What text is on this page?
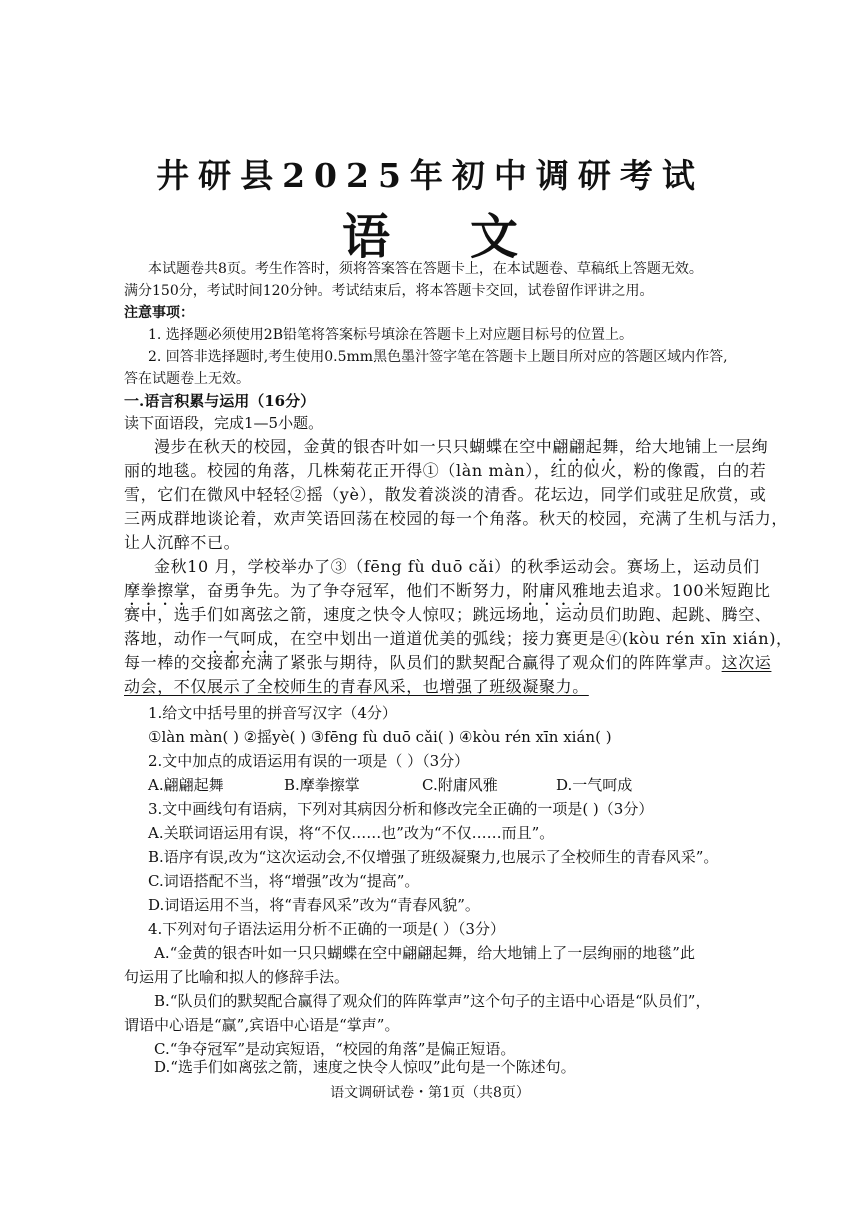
井研县2025年初中调研考试
语 文
本试题卷共8页。考生作答时，须将答案答在答题卡上，在本试题卷、草稿纸上答题无效。
满分150分，考试时间120分钟。考试结束后，将本答题卡交回，试卷留作评讲之用。
注意事项：
1. 选择题必须使用2B铅笔将答案标号填涂在答题卡上对应题目标号的位置上。
2. 回答非选择题时,考生使用0.5mm黑色墨汁签字笔在答题卡上题目所对应的答题区域内作答,
答在试题卷上无效。
一.语言积累与运用（16分）
读下面语段，完成1—5小题。
漫步在秋天的校园，金黄的银杏叶如一只只蝴蝶在空中翩翩起舞，给大地铺上一层绚
丽的地毯。校园的角落，几株菊花正开得①（làn màn），红的似火，粉的像霞，白的若
雪，它们在微风中轻轻②摇（yè），散发着淡淡的清香。花坛边，同学们或驻足欣赏，或
三两成群地谈论着，欢声笑语回荡在校园的每一个角落。秋天的校园，充满了生机与活力，
让人沉醉不已。
金秋10 月，学校举办了③（fēng fù duō cǎi）的秋季运动会。赛场上，运动员们
摩拳擦掌，奋勇争先。为了争夺冠军，他们不断努力，附庸风雅地去追求。100米短跑比
赛中，选手们如离弦之箭，速度之快令人惊叹；跳远场地，运动员们助跑、起跳、腾空、
落地，动作一气呵成，在空中划出一道道优美的弧线；接力赛更是④(kòu rén xīn xián)，
每一棒的交接都充满了紧张与期待，队员们的默契配合赢得了观众们的阵阵掌声。这次运
动会，不仅展示了全校师生的青春风采，也增强了班级凝聚力。
1.给文中括号里的拼音写汉字（4分）
①làn màn( ) ②摇yè( ) ③fēng fù duō cǎi( ) ④kòu rén xīn xián( )
2.文中加点的成语运用有误的一项是（ ）（3分）
A.翩翩起舞	B.摩拳擦掌	C.附庸风雅	D.一气呵成
3.文中画线句有语病，下列对其病因分析和修改完全正确的一项是( )（3分）
A.关联词语运用有误，将“不仅……也”改为“不仅……而且”。
B.语序有误,改为“这次运动会,不仅增强了班级凝聚力,也展示了全校师生的青春风采”。
C.词语搭配不当，将“增强”改为“提高”。
D.词语运用不当，将“青春风采”改为“青春风貌”。
4.下列对句子语法运用分析不正确的一项是( ）（3分）
A.“金黄的银杏叶如一只只蝴蝶在空中翩翩起舞，给大地铺上了一层绚丽的地毯”此
句运用了比喻和拟人的修辞手法。
B.“队员们的默契配合赢得了观众们的阵阵掌声”这个句子的主语中心语是“队员们”，
谓语中心语是“赢”,宾语中心语是“掌声”。
C.“争夺冠军”是动宾短语，“校园的角落”是偏正短语。
D.“选手们如离弦之箭，速度之快令人惊叹”此句是一个陈述句。
语文调研试卷・第1页（共8页）
